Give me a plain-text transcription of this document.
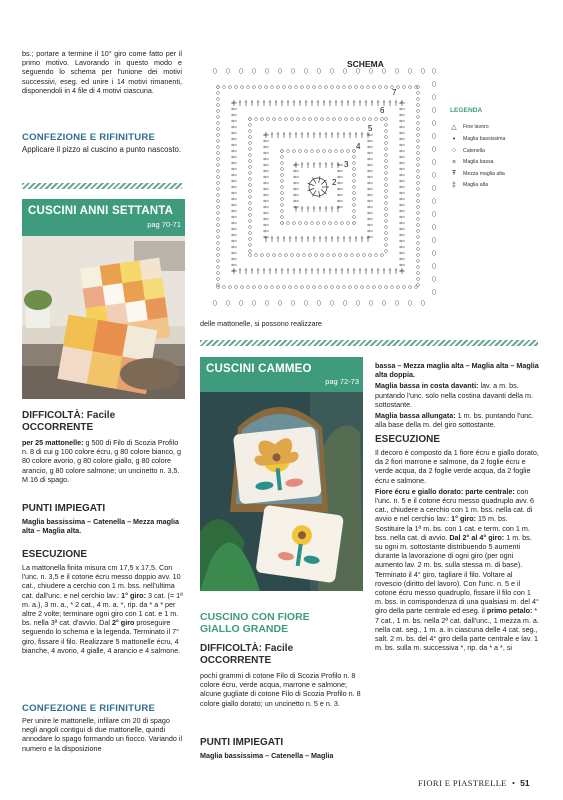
bs.; portare a termine il 10° giro come fatto per il primo motivo. Lavorando in questo modo e seguendo lo schema per l'unione dei motivi successivi, eseg. ed unire i 14 motivi rimanenti, disponendoli in 4 file di 4 motivi ciascuna.

CONFEZIONE E RIFINITURE

Applicare il pizzo al cuscino a punto nascosto.

CUSCINI ANNI SETTANTA
pag 70-71
DIFFICOLTÀ: Facile
OCCORRENTE

per 25 mattonelle: g 500 di Filo di Scozia Profilo n. 8 di cui g 100 colore écru, g 80 colore bianco, g 80 colore avorio, g 80 colore giallo, g 80 colore arancio, g 80 colore salmone; un uncinetto n. 3,5. M 16 di spago.

PUNTI IMPIEGATI

Maglia bassissima – Catenella – Mezza maglia alta – Maglia alta.

ESECUZIONE

La mattonella finita misura cm 17,5 x 17,5. Con l'unc. n. 3,5 e il cotone écru messo doppio avv. 10 cat., chiudere a cerchio con 1 m. bss. nell'ultima cat. dall'unc. e nel cerchio lav.: 1° giro: 3 cat. (= 1ª m. a.), 3 m. a., * 2 cat., 4 m. a. *, rip. da * a * per altre 2 volte; terminare ogni giro con 1 cat. e 1 m. bs. nella 3ª cat. d'avvio. Dal 2° giro proseguire seguendo lo schema e la legenda. Terminato il 7° giro, fissare il filo. Realizzare 5 mattonelle écru, 4 bianche, 4 avorio, 4 gialle, 4 arancio e 4 salmone.

CONFEZIONE E RIFINITURE

Per unire le mattonelle, infilare cm 20 di spago negli angoli contigui di due mattonelle, quindi annodare lo spago formando un fiocco. Variando il numero e la disposizione

SCHEMA
7
6
5
4
3
2
LEGENDA
△ Fine lavoro
•	Maglia bassissima
○	Catenella
×	Maglia bassa
Ŧ	Mezza maglia alta
‡	Maglia alta

delle mattonelle, si possono realizzare

CUSCINI CAMMEO
pag 72-73
CUSCINO CON FIORE GIALLO GRANDE
DIFFICOLTÀ: Facile
OCCORRENTE

pochi grammi di cotone Filo di Scozia Profilo n. 8 colore écru, verde acqua, marrone e salmone; alcune gugliate di cotone Filo di Scozia Profilo n. 8 colore giallo dorato; un uncinetto n. 5 e n. 3.

PUNTI IMPIEGATI

Maglia bassissima – Catenella – Maglia

bassa – Mezza maglia alta – Maglia alta – Maglia alta doppia.

Maglia bassa in costa davanti: lav. a m. bs. puntando l'unc. solo nella costina davanti della m. sottostante.

Maglia bassa allungata: 1 m. bs. puntando l'unc. alla base della m. del giro sottostante.

ESECUZIONE

Il decoro è composto da 1 fiore écru e giallo dorato, da 2 fiori marrone e salmone, da 2 foglie écru e verde acqua, da 2 foglie verde acqua, da 2 foglie écru e salmone.

Fiore écru e giallo dorato: parte centrale: con l'unc. n. 5 e il cotone écru messo quadruplo avv. 6 cat., chiudere a cerchio con 1 m. bss. nella cat. di avvio e nel cerchio lav.: 1° giro: 15 m. bs. Sostituire la 1ª m. bs. con 1 cat. e term. con 1 m. bss. nella cat. di avvio. Dal 2° al 4° giro: 1 m. bs. su ogni m. sottostante distribuendo 5 aumenti durante la lavorazione di ogni giro (per ogni aumento lav. 2 m. bs. sulla stessa m. di base). Terminato il 4° giro, tagliare il filo. Voltare al rovescio (diritto del lavoro). Con l'unc. n. 5 e il cotone écru messo quadruplo, fissare il filo con 1 m. bss. in corrispondenza di una qualsiasi m. del 4° giro della parte centrale ed eseg. il primo petalo: * 7 cat., 1 m. bs. nella 2ª cat. dall'unc., 1 mezza m. a. nella cat. seg., 1 m. a. in ciascuna delle 4 cat. seg., salt. 2 m. bs. del 4° giro della parte centrale e lav. 1 m. bs. sulla m. successiva *, rip. da * a *, si

FIORI E PIASTRELLE • 51
